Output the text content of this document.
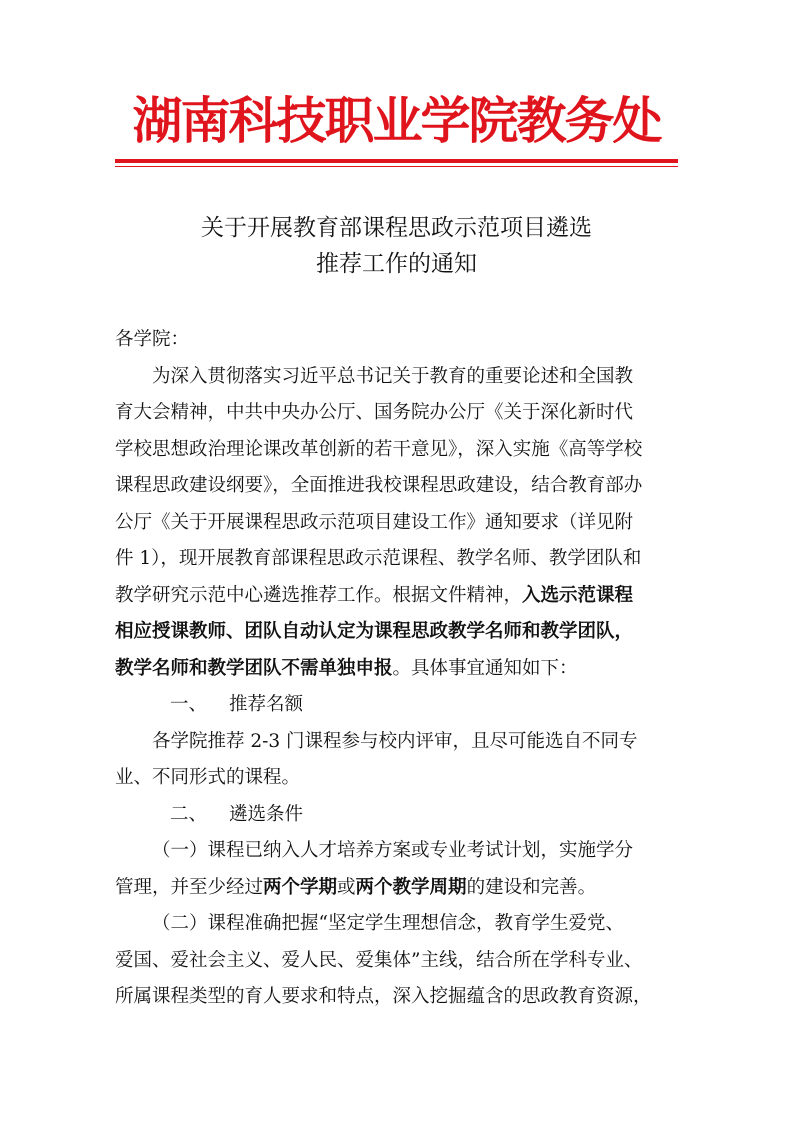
湖南科技职业学院教务处
关于开展教育部课程思政示范项目遴选
推荐工作的通知
各学院：
为深入贯彻落实习近平总书记关于教育的重要论述和全国教
育大会精神，中共中央办公厅、国务院办公厅《关于深化新时代
学校思想政治理论课改革创新的若干意见》，深入实施《高等学校
课程思政建设纲要》，全面推进我校课程思政建设，结合教育部办
公厅《关于开展课程思政示范项目建设工作》通知要求（详见附
件 1），现开展教育部课程思政示范课程、教学名师、教学团队和
教学研究示范中心遴选推荐工作。根据文件精神，入选示范课程
相应授课教师、团队自动认定为课程思政教学名师和教学团队，
教学名师和教学团队不需单独申报。具体事宜通知如下：
一、 推荐名额
各学院推荐 2-3 门课程参与校内评审，且尽可能选自不同专
业、不同形式的课程。
二、 遴选条件
（一）课程已纳入人才培养方案或专业考试计划，实施学分
管理，并至少经过两个学期或两个教学周期的建设和完善。
（二）课程准确把握“坚定学生理想信念，教育学生爱党、
爱国、爱社会主义、爱人民、爱集体”主线，结合所在学科专业、
所属课程类型的育人要求和特点，深入挖掘蕴含的思政教育资源，
